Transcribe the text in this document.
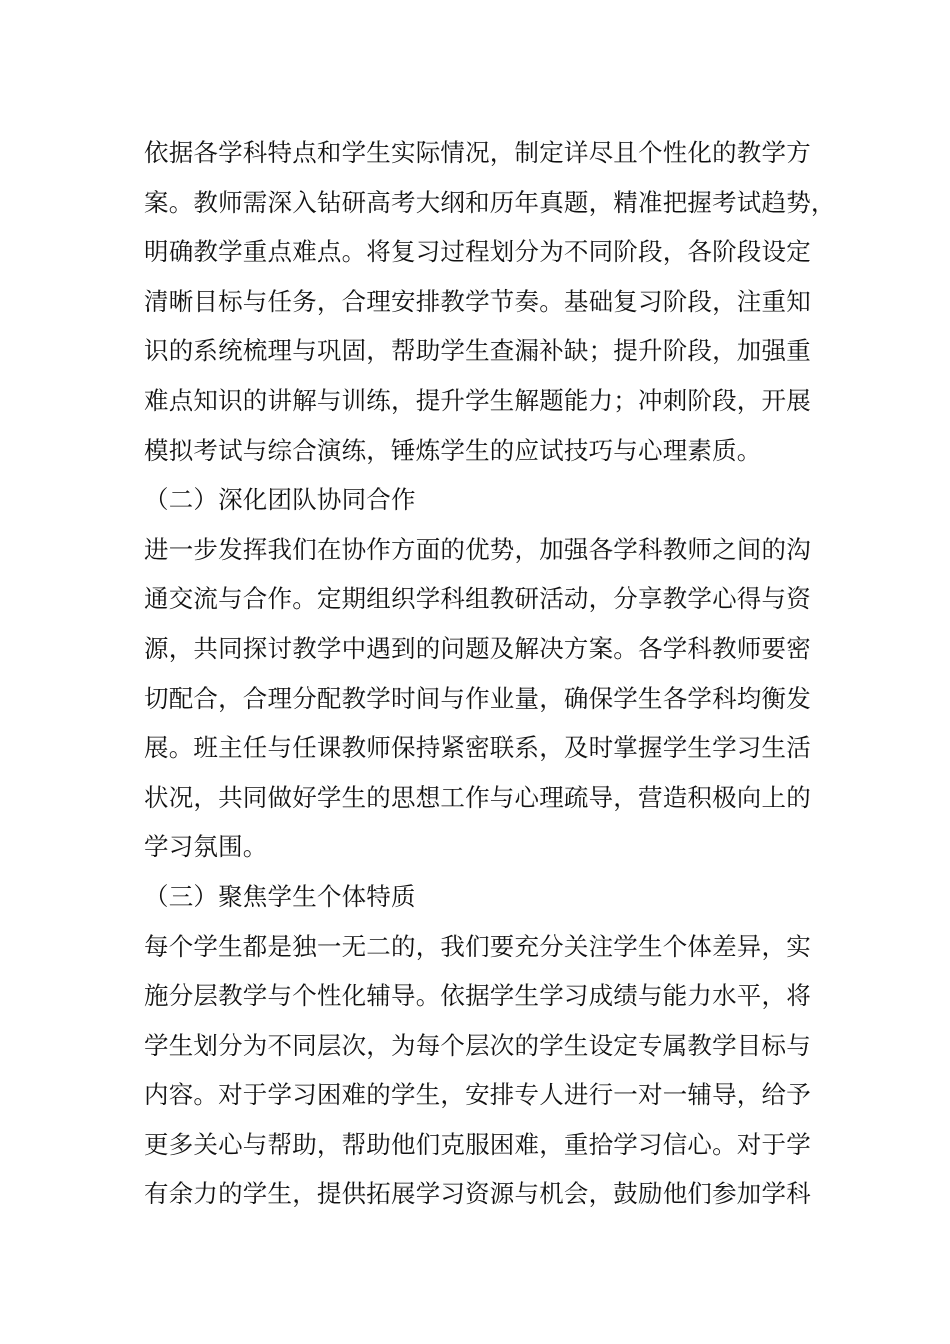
依据各学科特点和学生实际情况，制定详尽且个性化的教学方
案。教师需深入钻研高考大纲和历年真题，精准把握考试趋势，
明确教学重点难点。将复习过程划分为不同阶段，各阶段设定
清晰目标与任务，合理安排教学节奏。基础复习阶段，注重知
识的系统梳理与巩固，帮助学生查漏补缺；提升阶段，加强重
难点知识的讲解与训练，提升学生解题能力；冲刺阶段，开展
模拟考试与综合演练，锤炼学生的应试技巧与心理素质。
（二）深化团队协同合作
进一步发挥我们在协作方面的优势，加强各学科教师之间的沟
通交流与合作。定期组织学科组教研活动，分享教学心得与资
源，共同探讨教学中遇到的问题及解决方案。各学科教师要密
切配合，合理分配教学时间与作业量，确保学生各学科均衡发
展。班主任与任课教师保持紧密联系，及时掌握学生学习生活
状况，共同做好学生的思想工作与心理疏导，营造积极向上的
学习氛围。
（三）聚焦学生个体特质
每个学生都是独一无二的，我们要充分关注学生个体差异，实
施分层教学与个性化辅导。依据学生学习成绩与能力水平，将
学生划分为不同层次，为每个层次的学生设定专属教学目标与
内容。对于学习困难的学生，安排专人进行一对一辅导，给予
更多关心与帮助，帮助他们克服困难，重拾学习信心。对于学
有余力的学生，提供拓展学习资源与机会，鼓励他们参加学科
